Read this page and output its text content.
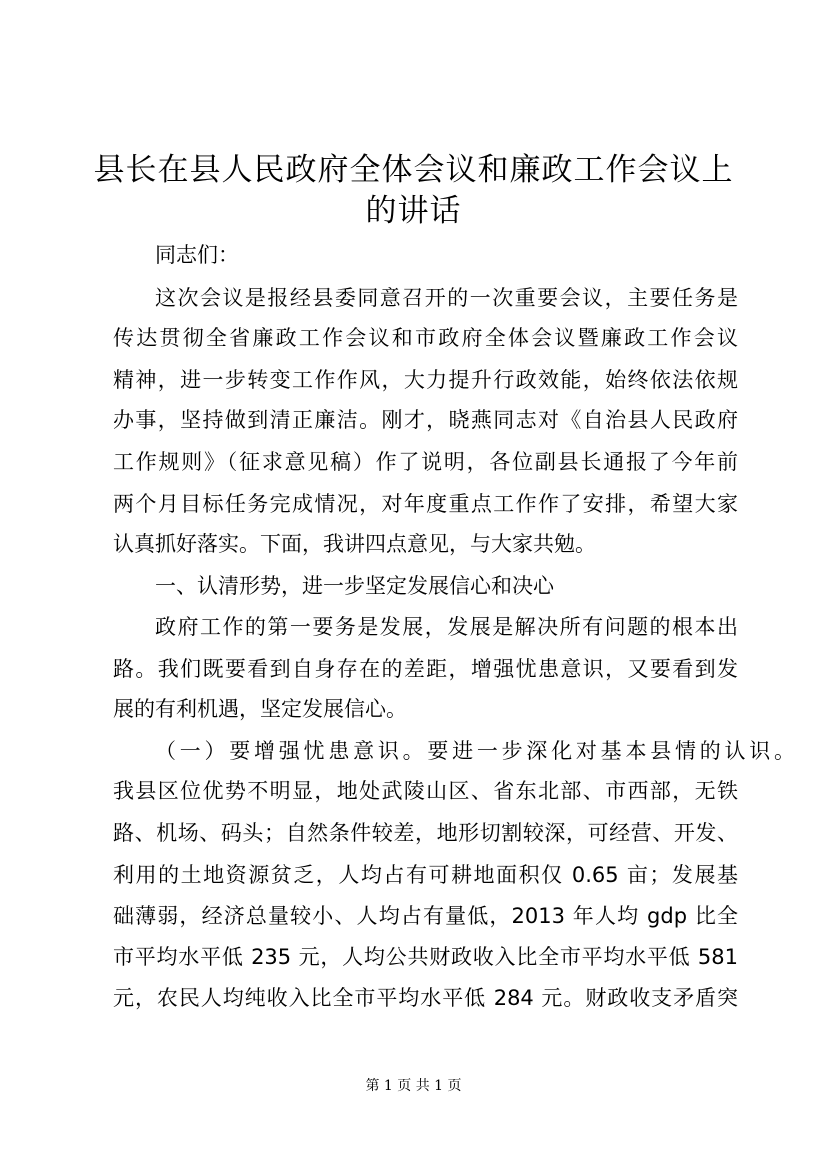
县长在县人民政府全体会议和廉政工作会议上
的讲话
同志们：
这次会议是报经县委同意召开的一次重要会议，主要任务是
传达贯彻全省廉政工作会议和市政府全体会议暨廉政工作会议
精神，进一步转变工作作风，大力提升行政效能，始终依法依规
办事，坚持做到清正廉洁。刚才，晓燕同志对《自治县人民政府
工作规则》（征求意见稿）作了说明，各位副县长通报了今年前
两个月目标任务完成情况，对年度重点工作作了安排，希望大家
认真抓好落实。下面，我讲四点意见，与大家共勉。
一、认清形势，进一步坚定发展信心和决心
政府工作的第一要务是发展，发展是解决所有问题的根本出
路。我们既要看到自身存在的差距，增强忧患意识，又要看到发
展的有利机遇，坚定发展信心。
（一）要增强忧患意识。要进一步深化对基本县情的认识。
我县区位优势不明显，地处武陵山区、省东北部、市西部，无铁
路、机场、码头；自然条件较差，地形切割较深，可经营、开发、
利用的土地资源贫乏，人均占有可耕地面积仅 0.65 亩；发展基
础薄弱，经济总量较小、人均占有量低，2013 年人均 gdp 比全
市平均水平低 235 元，人均公共财政收入比全市平均水平低 581
元，农民人均纯收入比全市平均水平低 284 元。财政收支矛盾突
第 1 页 共 1 页
